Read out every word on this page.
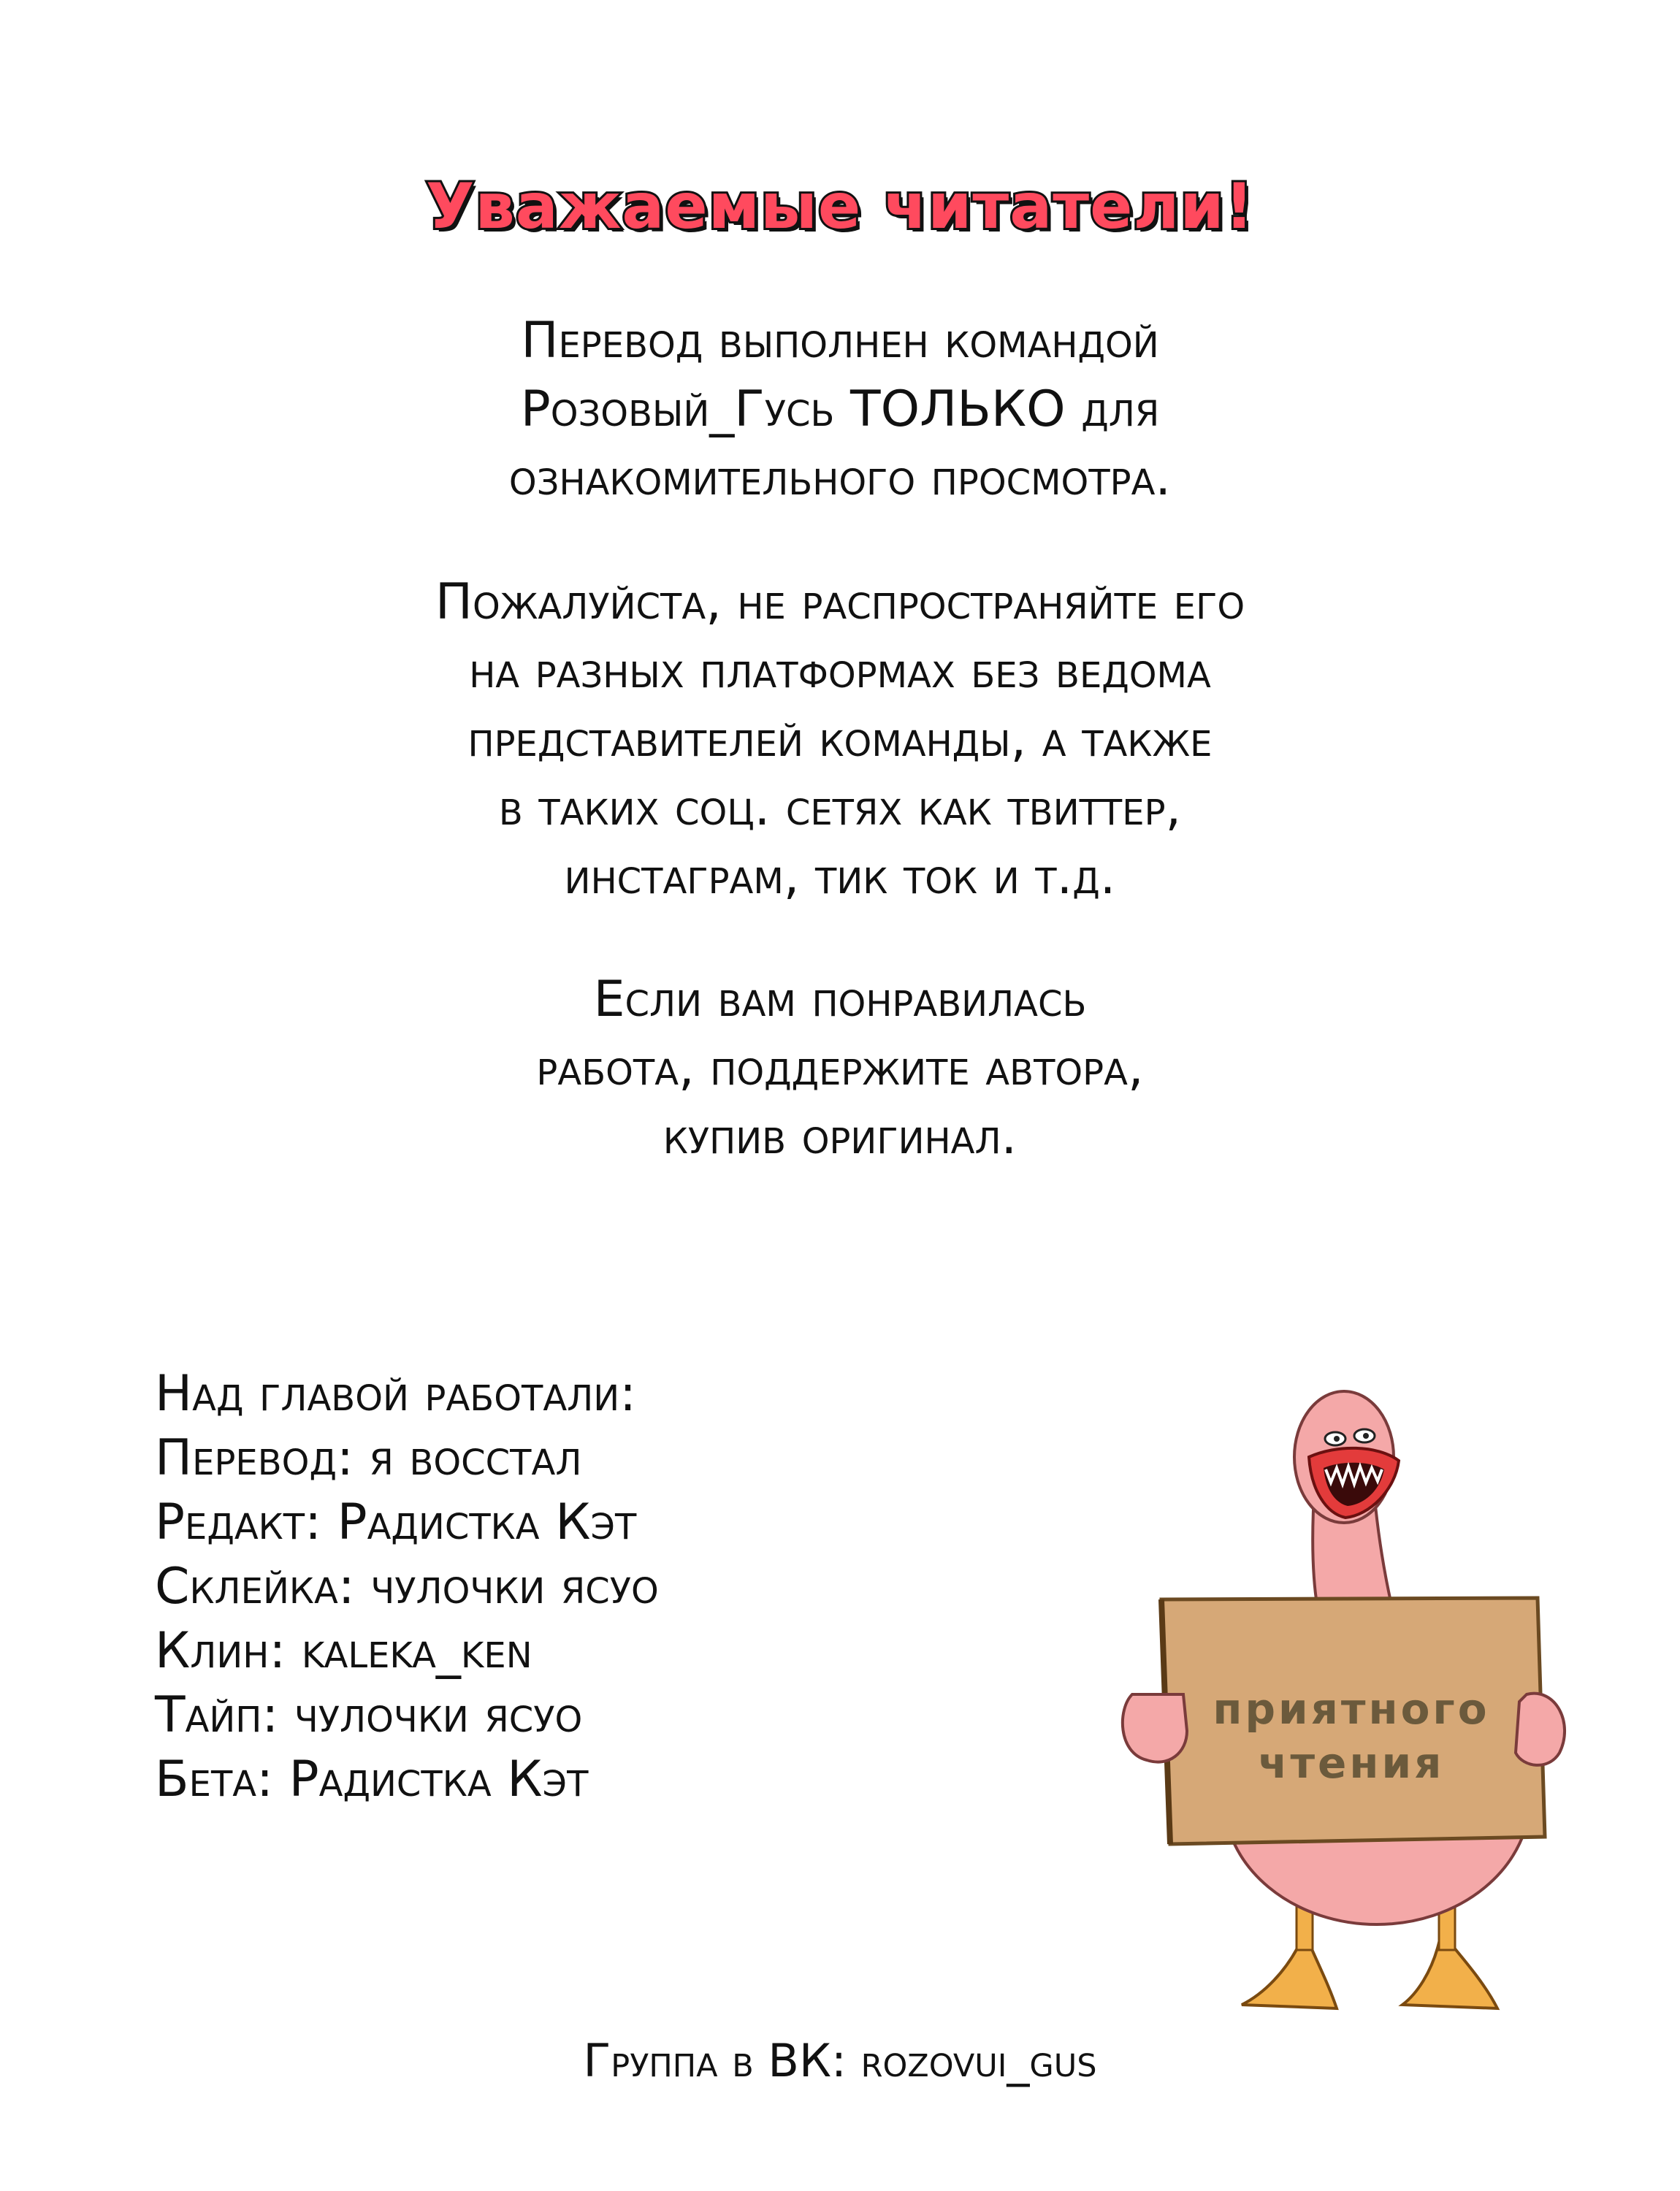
Уважаемые читатели!
Перевод выполнен командой
Розовый_Гусь ТОЛЬКО для
ознакомительного просмотра.
Пожалуйста, не распространяйте его
на разных платформах без ведома
представителей команды, а также
в таких соц. сетях как твиттер,
инстаграм, тик ток и т.д.
Если вам понравилась
работа, поддержите автора,
купив оригинал.
Над главой работали:
Перевод: я восстал
Редакт: Радистка Кэт
Склейка: чулочки ясуо
Клин: kaleka_ken
Тайп: чулочки ясуо
Бета: Радистка Кэт
приятного
чтения
Группа в ВК: rozovui_gus
